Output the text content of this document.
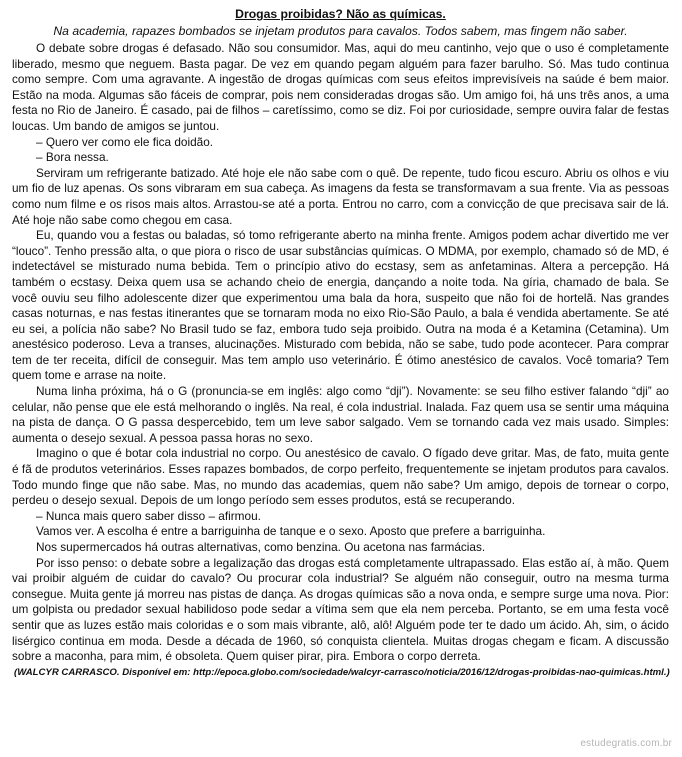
Drogas proibidas? Não as químicas.
Na academia, rapazes bombados se injetam produtos para cavalos. Todos sabem, mas fingem não saber.

O debate sobre drogas é defasado. Não sou consumidor. Mas, aqui do meu cantinho, vejo que o uso é completamente liberado, mesmo que neguem. Basta pagar. De vez em quando pegam alguém para fazer barulho. Só. Mas tudo continua como sempre. Com uma agravante. A ingestão de drogas químicas com seus efeitos imprevisíveis na saúde é bem maior. Estão na moda. Algumas são fáceis de comprar, pois nem consideradas drogas são. Um amigo foi, há uns três anos, a uma festa no Rio de Janeiro. É casado, pai de filhos – caretíssimo, como se diz. Foi por curiosidade, sempre ouvira falar de festas loucas. Um bando de amigos se juntou.

– Quero ver como ele fica doidão.

– Bora nessa.

Serviram um refrigerante batizado. Até hoje ele não sabe com o quê. De repente, tudo ficou escuro. Abriu os olhos e viu um fio de luz apenas. Os sons vibraram em sua cabeça. As imagens da festa se transformavam a sua frente. Via as pessoas como num filme e os risos mais altos. Arrastou-se até a porta. Entrou no carro, com a convicção de que precisava sair de lá. Até hoje não sabe como chegou em casa.

Eu, quando vou a festas ou baladas, só tomo refrigerante aberto na minha frente. Amigos podem achar divertido me ver “louco”. Tenho pressão alta, o que piora o risco de usar substâncias químicas. O MDMA, por exemplo, chamado só de MD, é indetectável se misturado numa bebida. Tem o princípio ativo do ecstasy, sem as anfetaminas. Altera a percepção. Há também o ecstasy. Deixa quem usa se achando cheio de energia, dançando a noite toda. Na gíria, chamado de bala. Se você ouviu seu filho adolescente dizer que experimentou uma bala da hora, suspeito que não foi de hortelã. Nas grandes casas noturnas, e nas festas itinerantes que se tornaram moda no eixo Rio-São Paulo, a bala é vendida abertamente. Se até eu sei, a polícia não sabe? No Brasil tudo se faz, embora tudo seja proibido. Outra na moda é a Ketamina (Cetamina). Um anestésico poderoso. Leva a transes, alucinações. Misturado com bebida, não se sabe, tudo pode acontecer. Para comprar tem de ter receita, difícil de conseguir. Mas tem amplo uso veterinário. É ótimo anestésico de cavalos. Você tomaria? Tem quem tome e arrase na noite.

Numa linha próxima, há o G (pronuncia-se em inglês: algo como “dji”). Novamente: se seu filho estiver falando “dji” ao celular, não pense que ele está melhorando o inglês. Na real, é cola industrial. Inalada. Faz quem usa se sentir uma máquina na pista de dança. O G passa despercebido, tem um leve sabor salgado. Vem se tornando cada vez mais usado. Simples: aumenta o desejo sexual. A pessoa passa horas no sexo.

Imagino o que é botar cola industrial no corpo. Ou anestésico de cavalo. O fígado deve gritar. Mas, de fato, muita gente é fã de produtos veterinários. Esses rapazes bombados, de corpo perfeito, frequentemente se injetam produtos para cavalos. Todo mundo finge que não sabe. Mas, no mundo das academias, quem não sabe? Um amigo, depois de tornear o corpo, perdeu o desejo sexual. Depois de um longo período sem esses produtos, está se recuperando.

– Nunca mais quero saber disso – afirmou.

Vamos ver. A escolha é entre a barriguinha de tanque e o sexo. Aposto que prefere a barriguinha.

Nos supermercados há outras alternativas, como benzina. Ou acetona nas farmácias.

Por isso penso: o debate sobre a legalização das drogas está completamente ultrapassado. Elas estão aí, à mão. Quem vai proibir alguém de cuidar do cavalo? Ou procurar cola industrial? Se alguém não conseguir, outro na mesma turma consegue. Muita gente já morreu nas pistas de dança. As drogas químicas são a nova onda, e sempre surge uma nova. Pior: um golpista ou predador sexual habilidoso pode sedar a vítima sem que ela nem perceba. Portanto, se em uma festa você sentir que as luzes estão mais coloridas e o som mais vibrante, alô, alô! Alguém pode ter te dado um ácido. Ah, sim, o ácido lisérgico continua em moda. Desde a década de 1960, só conquista clientela. Muitas drogas chegam e ficam. A discussão sobre a maconha, para mim, é obsoleta. Quem quiser pirar, pira. Embora o corpo derreta.

(WALCYR CARRASCO. Disponível em: http://epoca.globo.com/sociedade/walcyr-carrasco/noticia/2016/12/drogas-proibidas-nao-quimicas.html.)
estudegratis.com.br
